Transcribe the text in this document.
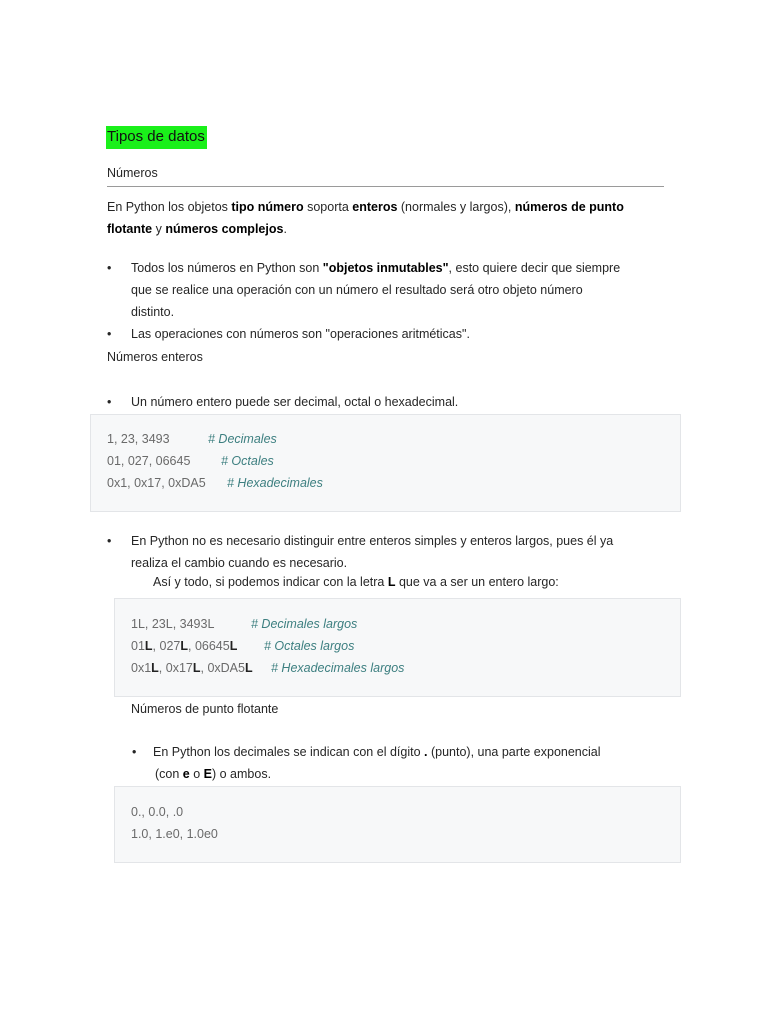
Tipos de datos
Números
En Python los objetos tipo número soporta enteros (normales y largos), números de punto
flotante y números complejos.
• Todos los números en Python son "objetos inmutables", esto quiere decir que siempre
que se realice una operación con un número el resultado será otro objeto número
distinto.
• Las operaciones con números son "operaciones aritméticas".
Números enteros
• Un número entero puede ser decimal, octal o hexadecimal.
1, 23, 3493	# Decimales
01, 027, 06645 # Octales
0x1, 0x17, 0xDA5 # Hexadecimales
• En Python no es necesario distinguir entre enteros simples y enteros largos, pues él ya
realiza el cambio cuando es necesario.
Así y todo, si podemos indicar con la letra L que va a ser un entero largo:
1L, 23L, 3493L	# Decimales largos
01L, 027L, 06645L # Octales largos
0x1L, 0x17L, 0xDA5L # Hexadecimales largos
Números de punto flotante
• En Python los decimales se indican con el dígito . (punto), una parte exponencial
(con e o E) o ambos.
0., 0.0, .0
1.0, 1.e0, 1.0e0
